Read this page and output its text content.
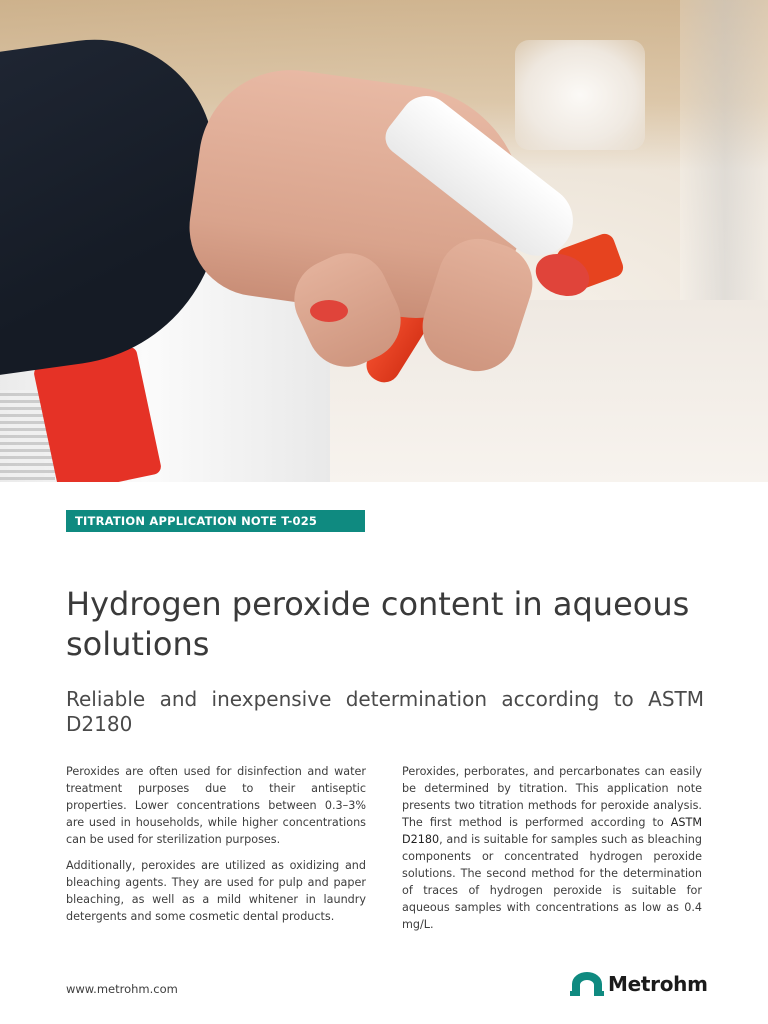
TITRATION APPLICATION NOTE T-025
Hydrogen peroxide content in aqueous solutions
Reliable and inexpensive determination according to ASTM D2180

Peroxides are often used for disinfection and water treatment purposes due to their antiseptic properties. Lower concentrations between 0.3–3% are used in households, while higher concentrations can be used for sterilization purposes.

Additionally, peroxides are utilized as oxidizing and bleaching agents. They are used for pulp and paper bleaching, as well as a mild whitener in laundry detergents and some cosmetic dental products.

Peroxides, perborates, and percarbonates can easily be determined by titration. This application note presents two titration methods for peroxide analysis. The first method is performed according to ASTM D2180, and is suitable for samples such as bleaching components or concentrated hydrogen peroxide solutions. The second method for the determination of traces of hydrogen peroxide is suitable for aqueous samples with concentrations as low as 0.4 mg/L.

www.metrohm.com	Metrohm
